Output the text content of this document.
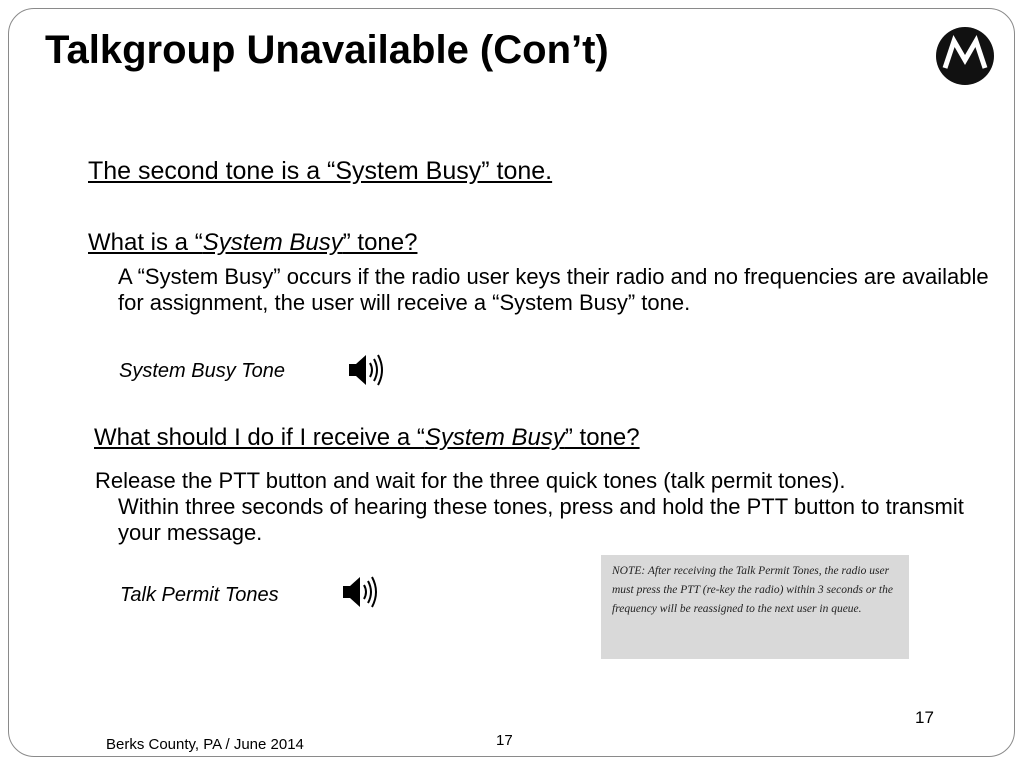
Talkgroup Unavailable (Con’t)
The second tone is a “System Busy” tone.
What is a “System Busy” tone?
A “System Busy” occurs if the radio user keys their radio and no frequencies are available for assignment, the user will receive a “System Busy” tone.
System Busy Tone
What should I do if I receive a “System Busy” tone?
Release the PTT button and wait for the three quick tones (talk permit tones).
Within three seconds of hearing these tones, press and hold the PTT button to transmit your message.
Talk Permit Tones
NOTE: After receiving the Talk Permit Tones, the radio user must press the PTT (re-key the radio) within 3 seconds or the frequency will be reassigned to the next user in queue.
17
Berks County, PA / June 2014	17
